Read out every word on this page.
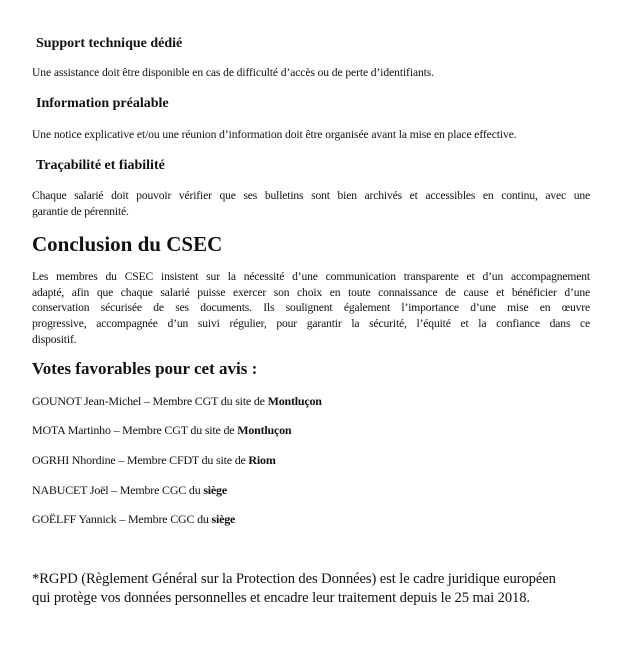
Support technique dédié
Une assistance doit être disponible en cas de difficulté d’accès ou de perte d’identifiants.
Information préalable
Une notice explicative et/ou une réunion d’information doit être organisée avant la mise en place effective.
Traçabilité et fiabilité
Chaque salarié doit pouvoir vérifier que ses bulletins sont bien archivés et accessibles en continu, avec une
garantie de pérennité.
Conclusion du CSEC
Les membres du CSEC insistent sur la nécessité d’une communication transparente et d’un accompagnement
adapté, afin que chaque salarié puisse exercer son choix en toute connaissance de cause et bénéficier d’une
conservation sécurisée de ses documents. Ils soulignent également l’importance d’une mise en œuvre
progressive, accompagnée d’un suivi régulier, pour garantir la sécurité, l’équité et la confiance dans ce
dispositif.
Votes favorables pour cet avis :
GOUNOT Jean-Michel – Membre CGT du site de Montluçon
MOTA Martinho – Membre CGT du site de Montluçon
OGRHI Nhordine – Membre CFDT du site de Riom
NABUCET Joël – Membre CGC du siège
GOËLFF Yannick – Membre CGC du siège
*RGPD (Règlement Général sur la Protection des Données) est le cadre juridique européen
qui protège vos données personnelles et encadre leur traitement depuis le 25 mai 2018.
